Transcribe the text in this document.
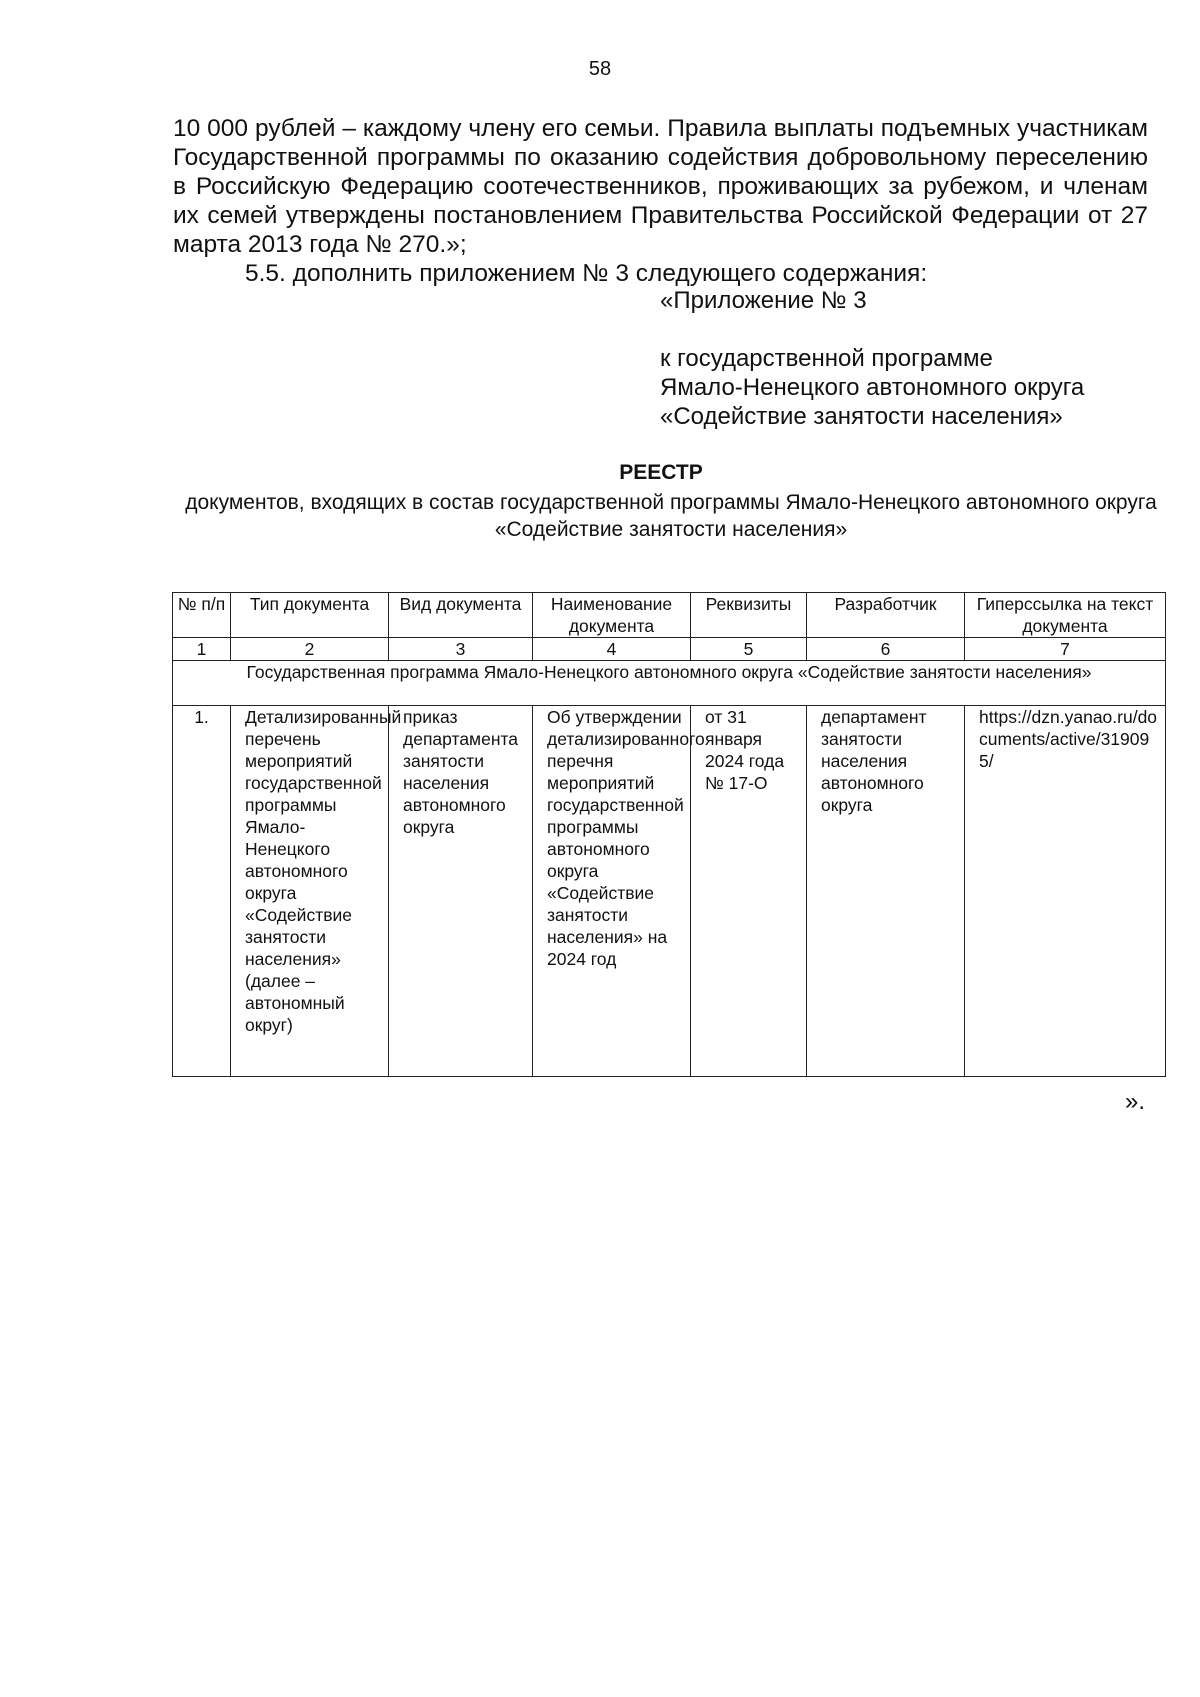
58

10 000 рублей – каждому члену его семьи. Правила выплаты подъемных участникам Государственной программы по оказанию содействия добровольному переселению в Российскую Федерацию соотечественников, проживающих за рубежом, и членам их семей утверждены постановлением Правительства Российской Федерации от 27 марта 2013 года № 270.»;

5.5. дополнить приложением № 3 следующего содержания:

«Приложение № 3

к государственной программе
Ямало-Ненецкого автономного округа
«Содействие занятости населения»
РЕЕСТР
документов, входящих в состав государственной программы Ямало-Ненецкого автономного округа «Содействие занятости населения»
№ п/п	Тип документа	Вид документа	Наименование документа	Реквизиты	Разработчик	Гиперссылка на текст документа
1	2	3	4	5	6	7
Государственная программа Ямало-Ненецкого автономного округа «Содействие занятости населения»						
1.	Детализированный перечень мероприятий государственной программы Ямало-Ненецкого автономного округа «Содействие занятости населения» (далее – автономный округ)	приказ департамента занятости населения автономного округа	Об утверждении детализированного перечня мероприятий государственной программы автономного округа «Содействие занятости населения» на 2024 год	от 31 января 2024 года № 17-О	департамент занятости населения автономного округа	https://dzn.yanao.ru/documents/active/319095/
».
